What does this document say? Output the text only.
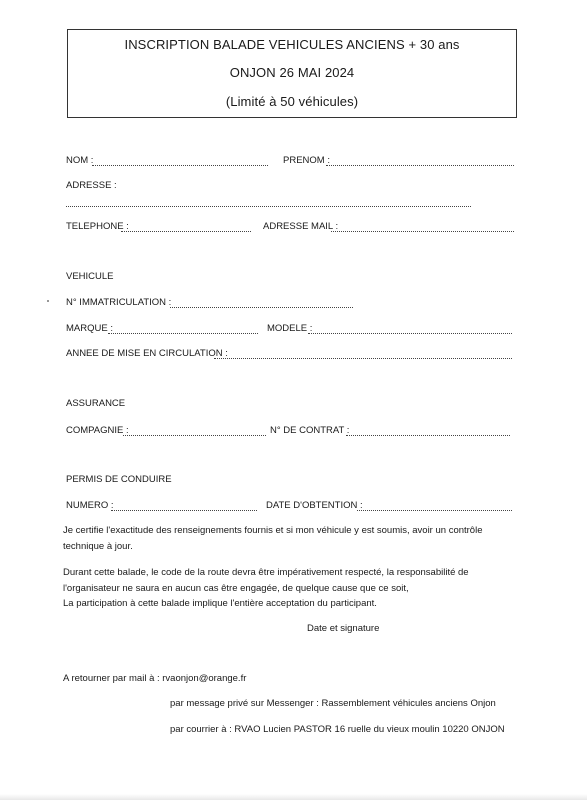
INSCRIPTION BALADE VEHICULES ANCIENS + 30 ans
ONJON 26 MAI 2024
(Limité à 50 véhicules)
NOM :	PRENOM :
ADRESSE :
TELEPHONE :	ADRESSE MAIL :
VEHICULE
N° IMMATRICULATION :
MARQUE :	MODELE :
ANNEE DE MISE EN CIRCULATION :
ASSURANCE
COMPAGNIE :	N° DE CONTRAT :
PERMIS DE CONDUIRE
NUMERO :	DATE D'OBTENTION :
Je certifie l'exactitude des renseignements fournis et si mon véhicule y est soumis, avoir un contrôle
technique à jour.
Durant cette balade, le code de la route devra être impérativement respecté, la responsabilité de
l'organisateur ne saura en aucun cas être engagée, de quelque cause que ce soit,
La participation à cette balade implique l'entière acceptation du participant.
Date et signature
A retourner par mail à : rvaonjon@orange.fr
par message privé sur Messenger : Rassemblement véhicules anciens Onjon
par courrier à : RVAO Lucien PASTOR 16 ruelle du vieux moulin 10220 ONJON
